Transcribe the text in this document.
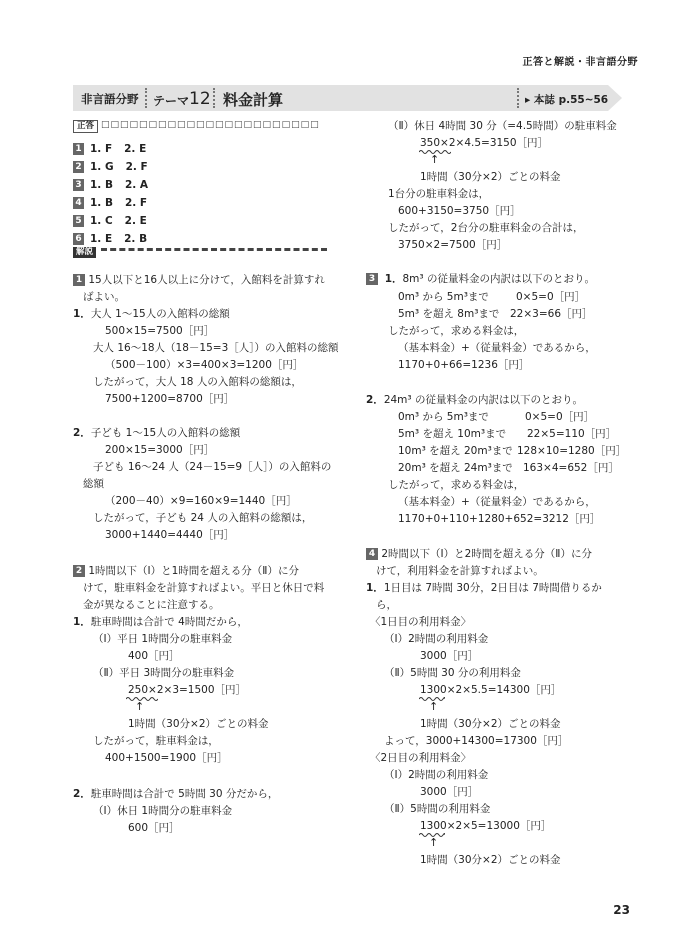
正答と解説・非言語分野
非言語分野 テーマ12 料金計算	▸ 本誌 p.55~56
正答 □□□□□□□□□□□□□□□□□□□□□□□
1 1. F 2. E
2 1. G 2. F
3 1. B 2. A
4 1. B 2. F
5 1. C 2. E
6 1. E 2. B
解説
1 15人以下と16人以上に分けて，入館料を計算すれ
ばよい。
1．大人 1～15人の入館料の総額
500×15=7500［円］
大人 16～18人（18－15=3［人］）の入館料の総額
（500－100）×3=400×3=1200［円］
したがって，大人 18 人の入館料の総額は，
7500+1200=8700［円］
2．子ども 1～15人の入館料の総額
200×15=3000［円］
子ども 16～24 人（24－15=9［人］）の入館料の
総額
（200－40）×9=160×9=1440［円］
したがって，子ども 24 人の入館料の総額は，
3000+1440=4440［円］
2 1時間以下（Ⅰ）と1時間を超える分（Ⅱ）に分
けて，駐車料金を計算すればよい。平日と休日で料
金が異なることに注意する。
1．駐車時間は合計で 4時間だから，
（Ⅰ）平日 1時間分の駐車料金
400［円］
（Ⅱ）平日 3時間分の駐車料金
250×2×3=1500［円］
↑
1時間（30分×2）ごとの料金
したがって，駐車料金は，
400+1500=1900［円］
2．駐車時間は合計で 5時間 30 分だから，
（Ⅰ）休日 1時間分の駐車料金
600［円］
（Ⅱ）休日 4時間 30 分（=4.5時間）の駐車料金
350×2×4.5=3150［円］
↑
1時間（30分×2）ごとの料金
1台分の駐車料金は，
600+3150=3750［円］
したがって，2台分の駐車料金の合計は，
3750×2=7500［円］
3 1．8m³ の従量料金の内訳は以下のとおり。
0m³ から 5m³まで	0×5=0［円］
5m³ を超え 8m³まで 22×3=66［円］
したがって，求める料金は，
（基本料金）+（従量料金）であるから，
1170+0+66=1236［円］
2．24m³ の従量料金の内訳は以下のとおり。
0m³ から 5m³まで	0×5=0［円］
5m³ を超え 10m³まで 22×5=110［円］
10m³ を超え 20m³まで 128×10=1280［円］
20m³ を超え 24m³まで 163×4=652［円］
したがって，求める料金は，
（基本料金）+（従量料金）であるから，
1170+0+110+1280+652=3212［円］
4 2時間以下（Ⅰ）と2時間を超える分（Ⅱ）に分
けて，利用料金を計算すればよい。
1．1日目は 7時間 30分，2日目は 7時間借りるか
ら，
〈1日目の利用料金〉
（Ⅰ）2時間の利用料金
3000［円］
（Ⅱ）5時間 30 分の利用料金
1300×2×5.5=14300［円］
↑
1時間（30分×2）ごとの料金
よって，3000+14300=17300［円］
〈2日目の利用料金〉
（Ⅰ）2時間の利用料金
3000［円］
（Ⅱ）5時間の利用料金
1300×2×5=13000［円］
↑
1時間（30分×2）ごとの料金
23
